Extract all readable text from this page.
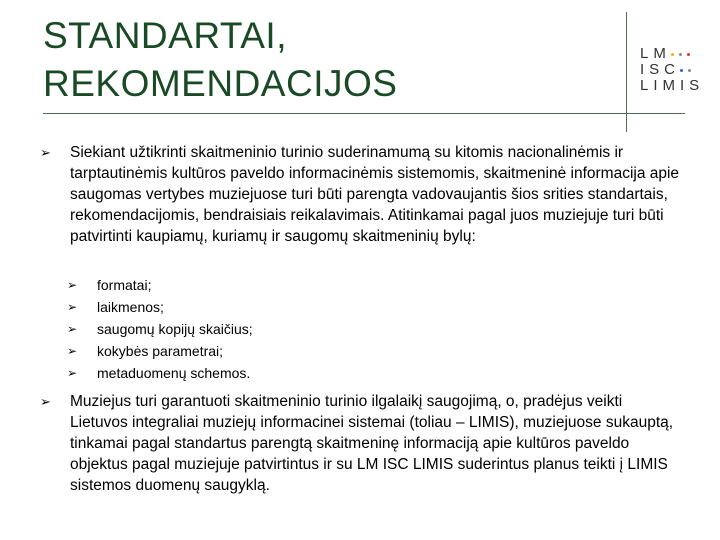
STANDARTAI,
REKOMENDACIJOS
LM
ISC
LIMIS
➢ Siekiant užtikrinti skaitmeninio turinio suderinamumą su kitomis nacionalinėmis ir tarptautinėmis kultūros paveldo informacinėmis sistemomis, skaitmeninė informacija apie saugomas vertybes muziejuose turi būti parengta vadovaujantis šios srities standartais, rekomendacijomis, bendraisiais reikalavimais. Atitinkamai pagal juos muziejuje turi būti patvirtinti kaupiamų, kuriamų ir saugomų skaitmeninių bylų:
➢ formatai;
➢ laikmenos;
➢ saugomų kopijų skaičius;
➢ kokybės parametrai;
➢ metaduomenų schemos.
➢ Muziejus turi garantuoti skaitmeninio turinio ilgalaikį saugojimą, o, pradėjus veikti Lietuvos integraliai muziejų informacinei sistemai (toliau – LIMIS), muziejuose sukauptą, tinkamai pagal standartus parengtą skaitmeninę informaciją apie kultūros paveldo objektus pagal muziejuje patvirtintus ir su LM ISC LIMIS suderintus planus teikti į LIMIS sistemos duomenų saugyklą.
